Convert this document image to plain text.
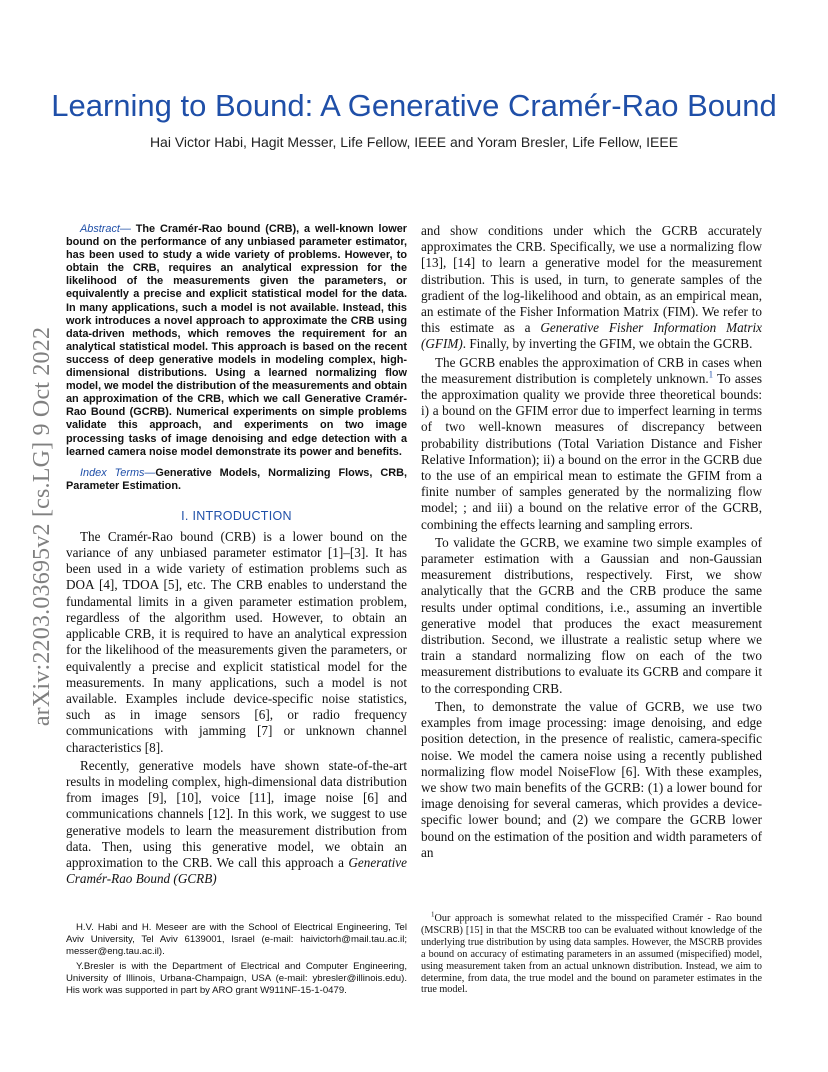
arXiv:2203.03695v2 [cs.LG] 9 Oct 2022
Learning to Bound: A Generative Cramér-Rao Bound
Hai Victor Habi, Hagit Messer, Life Fellow, IEEE and Yoram Bresler, Life Fellow, IEEE

Abstract— The Cramér-Rao bound (CRB), a well-known lower bound on the performance of any unbiased parameter estimator, has been used to study a wide variety of problems. However, to obtain the CRB, requires an analytical expression for the likelihood of the measurements given the parameters, or equivalently a precise and explicit statistical model for the data. In many applications, such a model is not available. Instead, this work introduces a novel approach to approximate the CRB using data-driven methods, which removes the requirement for an analytical statistical model. This approach is based on the recent success of deep generative models in modeling complex, high-dimensional distributions. Using a learned normalizing flow model, we model the distribution of the measurements and obtain an approximation of the CRB, which we call Generative Cramér-Rao Bound (GCRB). Numerical experiments on simple problems validate this approach, and experiments on two image processing tasks of image denoising and edge detection with a learned camera noise model demonstrate its power and benefits.

Index Terms—Generative Models, Normalizing Flows, CRB, Parameter Estimation.

I. INTRODUCTION

The Cramér-Rao bound (CRB) is a lower bound on the variance of any unbiased parameter estimator [1]–[3]. It has been used in a wide variety of estimation problems such as DOA [4], TDOA [5], etc. The CRB enables to understand the fundamental limits in a given parameter estimation problem, regardless of the algorithm used. However, to obtain an applicable CRB, it is required to have an analytical expression for the likelihood of the measurements given the parameters, or equivalently a precise and explicit statistical model for the measurements. In many applications, such a model is not available. Examples include device-specific noise statistics, such as in image sensors [6], or radio frequency communications with jamming [7] or unknown channel characteristics [8].

Recently, generative models have shown state-of-the-art results in modeling complex, high-dimensional data distribution from images [9], [10], voice [11], image noise [6] and communications channels [12]. In this work, we suggest to use generative models to learn the measurement distribution from data. Then, using this generative model, we obtain an approximation to the CRB. We call this approach a Generative Cramér-Rao Bound (GCRB)

and show conditions under which the GCRB accurately approximates the CRB. Specifically, we use a normalizing flow [13], [14] to learn a generative model for the measurement distribution. This is used, in turn, to generate samples of the gradient of the log-likelihood and obtain, as an empirical mean, an estimate of the Fisher Information Matrix (FIM). We refer to this estimate as a Generative Fisher Information Matrix (GFIM). Finally, by inverting the GFIM, we obtain the GCRB.

The GCRB enables the approximation of CRB in cases when the measurement distribution is completely unknown.$^1$ To asses the approximation quality we provide three theoretical bounds: i) a bound on the GFIM error due to imperfect learning in terms of two well-known measures of discrepancy between probability distributions (Total Variation Distance and Fisher Relative Information); ii) a bound on the error in the GCRB due to the use of an empirical mean to estimate the GFIM from a finite number of samples generated by the normalizing flow model; ; and iii) a bound on the relative error of the GCRB, combining the effects learning and sampling errors.

To validate the GCRB, we examine two simple examples of parameter estimation with a Gaussian and non-Gaussian measurement distributions, respectively. First, we show analytically that the GCRB and the CRB produce the same results under optimal conditions, i.e., assuming an invertible generative model that produces the exact measurement distribution. Second, we illustrate a realistic setup where we train a standard normalizing flow on each of the two measurement distributions to evaluate its GCRB and compare it to the corresponding CRB.

Then, to demonstrate the value of GCRB, we use two examples from image processing: image denoising, and edge position detection, in the presence of realistic, camera-specific noise. We model the camera noise using a recently published normalizing flow model NoiseFlow [6]. With these examples, we show two main benefits of the GCRB: (1) a lower bound for image denoising for several cameras, which provides a device-specific lower bound; and (2) we compare the GCRB lower bound on the estimation of the position and width parameters of an

H.V. Habi and H. Meseer are with the School of Electrical Engineering, Tel Aviv University, Tel Aviv 6139001, Israel (e-mail: haivictorh@mail.tau.ac.il; messer@eng.tau.ac.il).

Y.Bresler is with the Department of Electrical and Computer Engineering, University of Illinois, Urbana-Champaign, USA (e-mail: ybresler@illinois.edu). His work was supported in part by ARO grant W911NF-15-1-0479.

$^1$Our approach is somewhat related to the misspecified Cramér - Rao bound (MSCRB) [15] in that the MSCRB too can be evaluated without knowledge of the underlying true distribution by using data samples. However, the MSCRB provides a bound on accuracy of estimating parameters in an assumed (mispecified) model, using measurement taken from an actual unknown distribution. Instead, we aim to determine, from data, the true model and the bound on parameter estimates in the true model.
